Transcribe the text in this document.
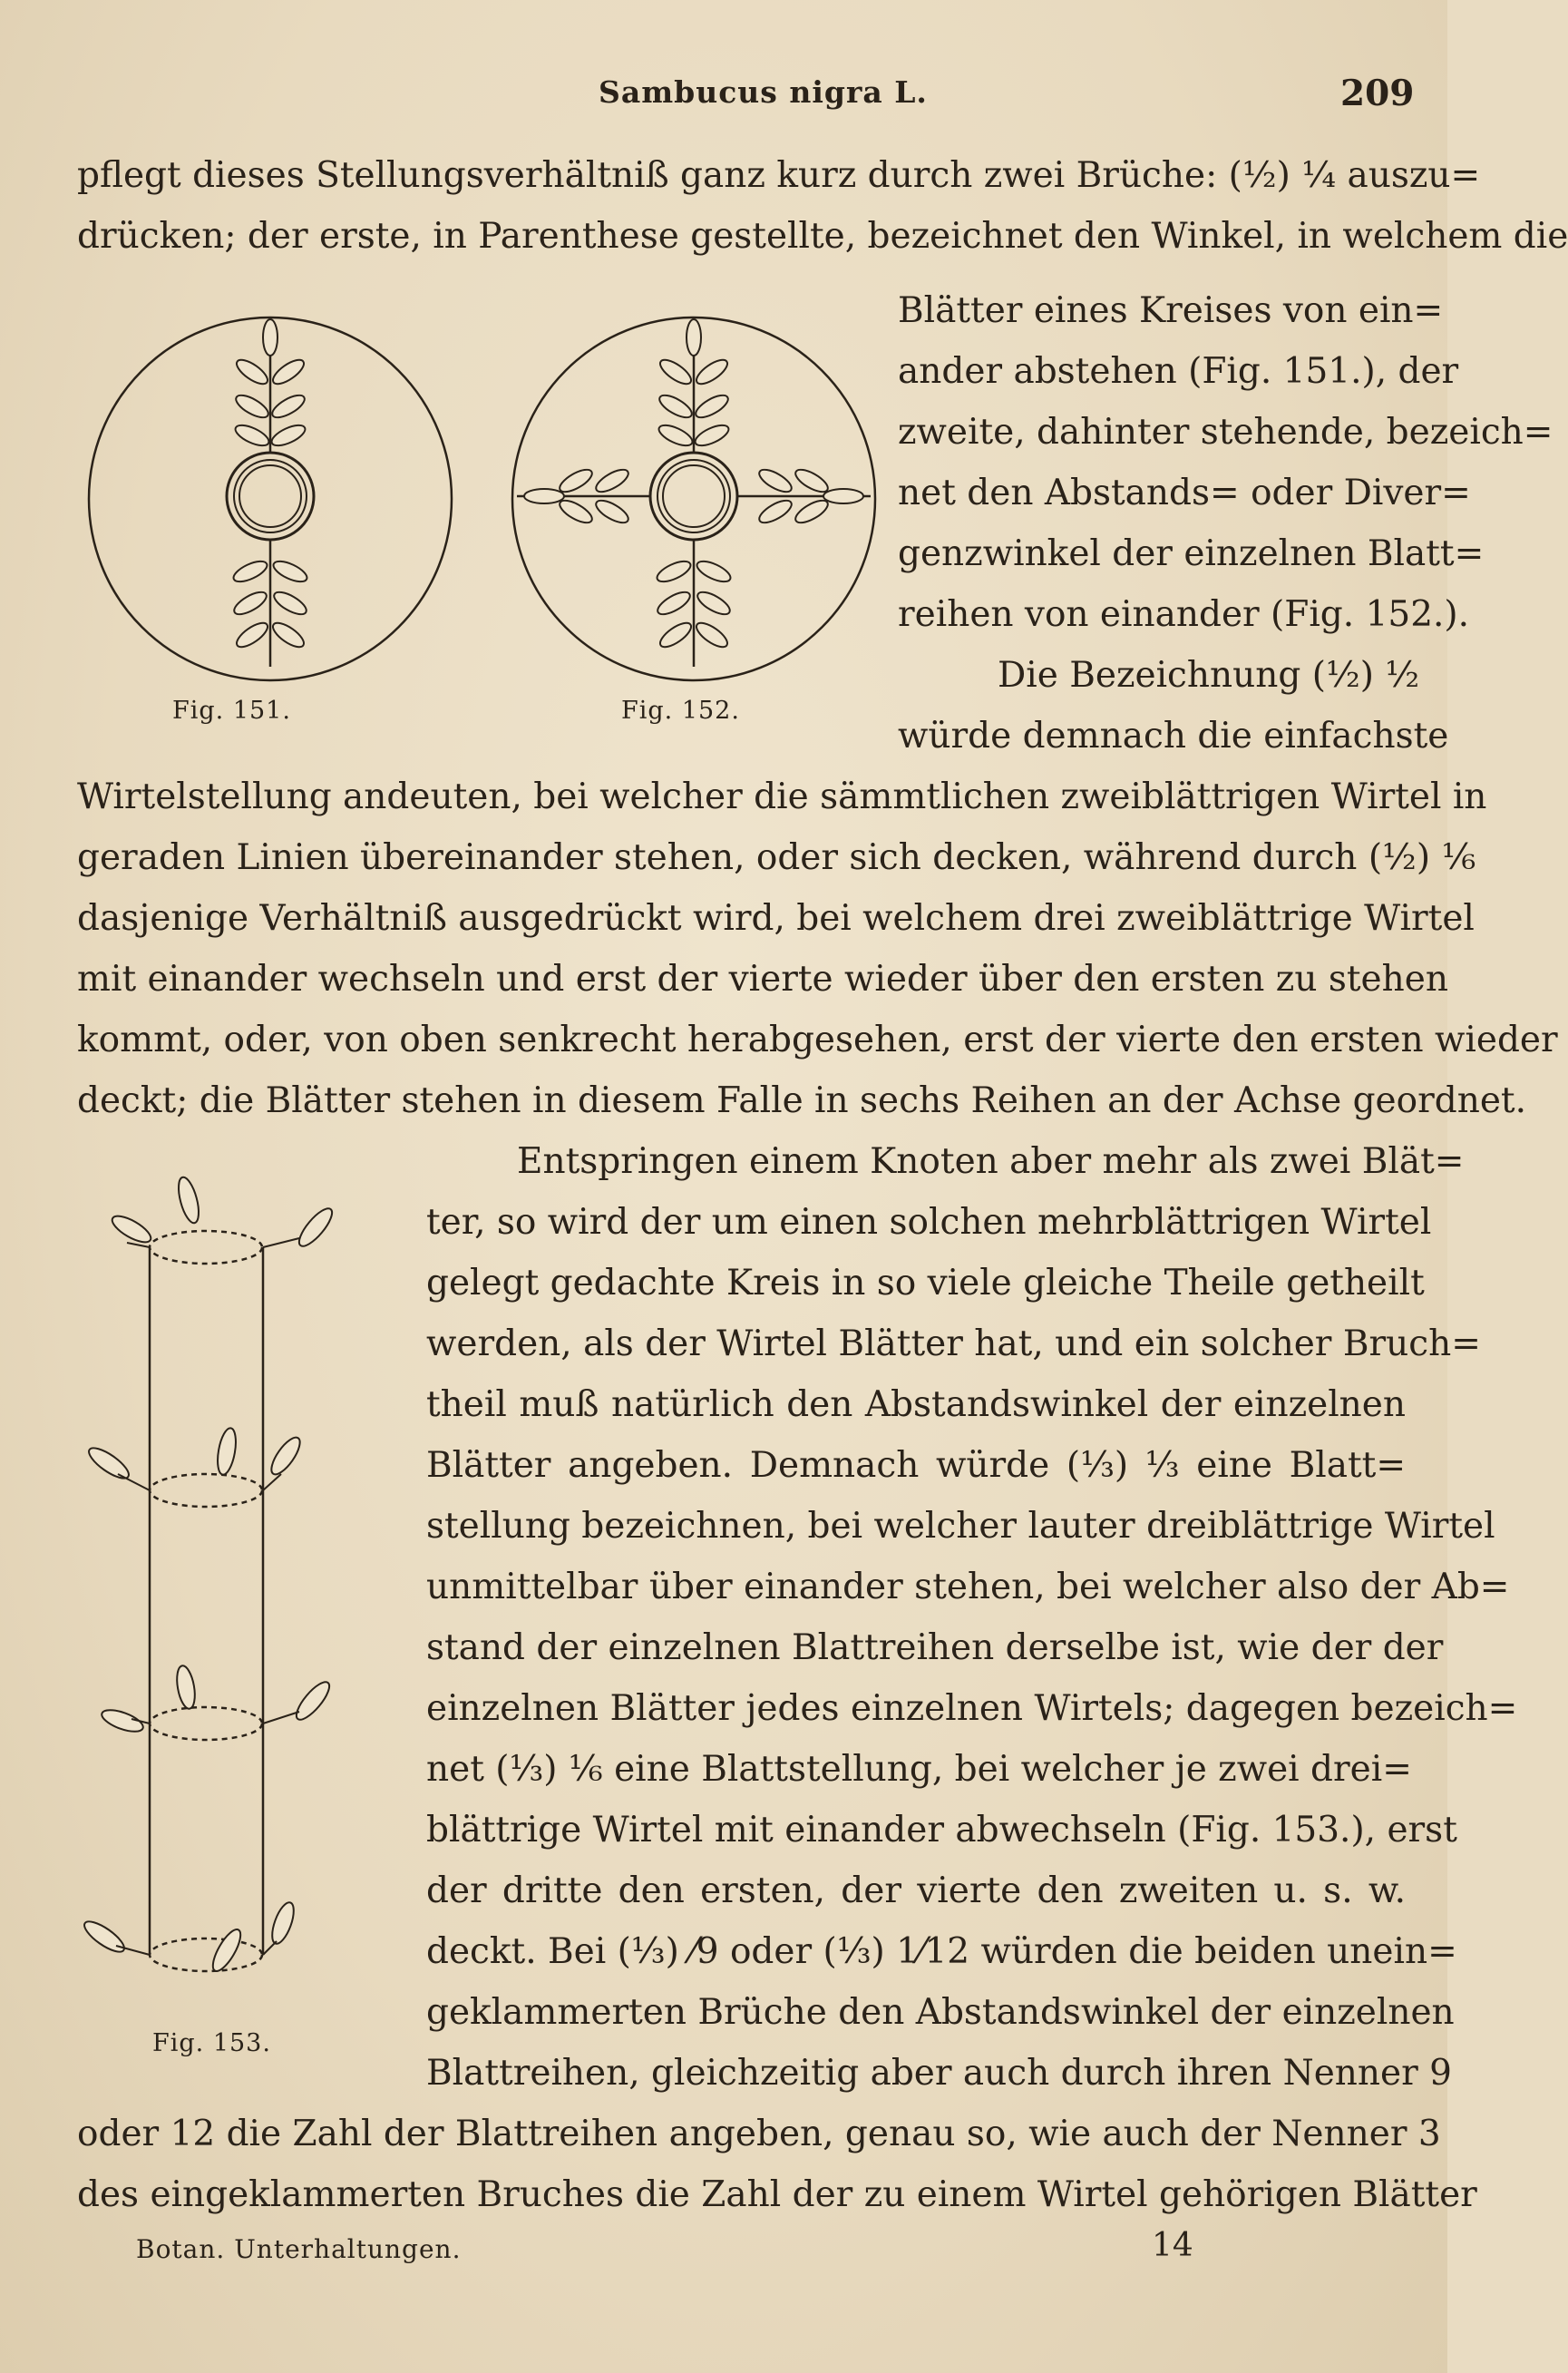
Sambucus nigra L.	209
pflegt dieses Stellungsverhältniß ganz kurz durch zwei Brüche: (½) ¼ auszu=
drücken; der erste, in Parenthese gestellte, bezeichnet den Winkel, in welchem die
Blätter eines Kreises von ein=
ander abstehen (Fig. 151.), der
zweite, dahinter stehende, bezeich=
net den Abstands= oder Diver=
genzwinkel der einzelnen Blatt=
reihen von einander (Fig. 152.).
Die Bezeichnung (½) ½
würde demnach die einfachste
Fig. 151.	Fig. 152.
Wirtelstellung andeuten, bei welcher die sämmtlichen zweiblättrigen Wirtel in
geraden Linien übereinander stehen, oder sich decken, während durch (½) ⅙
dasjenige Verhältniß ausgedrückt wird, bei welchem drei zweiblättrige Wirtel
mit einander wechseln und erst der vierte wieder über den ersten zu stehen
kommt, oder, von oben senkrecht herabgesehen, erst der vierte den ersten wieder
deckt; die Blätter stehen in diesem Falle in sechs Reihen an der Achse geordnet.
Entspringen einem Knoten aber mehr als zwei Blät=
ter, so wird der um einen solchen mehrblättrigen Wirtel
gelegt gedachte Kreis in so viele gleiche Theile getheilt
werden, als der Wirtel Blätter hat, und ein solcher Bruch=
theil muß natürlich den Abstandswinkel der einzelnen
Blätter angeben. Demnach würde (⅓) ⅓ eine Blatt=
stellung bezeichnen, bei welcher lauter dreiblättrige Wirtel
unmittelbar über einander stehen, bei welcher also der Ab=
stand der einzelnen Blattreihen derselbe ist, wie der der
einzelnen Blätter jedes einzelnen Wirtels; dagegen bezeich=
net (⅓) ⅙ eine Blattstellung, bei welcher je zwei drei=
blättrige Wirtel mit einander abwechseln (Fig. 153.), erst
der dritte den ersten, der vierte den zweiten u. s. w.
deckt. Bei (⅓) ⁄9 oder (⅓) 1⁄12 würden die beiden unein=
geklammerten Brüche den Abstandswinkel der einzelnen
Blattreihen, gleichzeitig aber auch durch ihren Nenner 9
Fig. 153.
oder 12 die Zahl der Blattreihen angeben, genau so, wie auch der Nenner 3
des eingeklammerten Bruches die Zahl der zu einem Wirtel gehörigen Blätter
Botan. Unterhaltungen.	14
